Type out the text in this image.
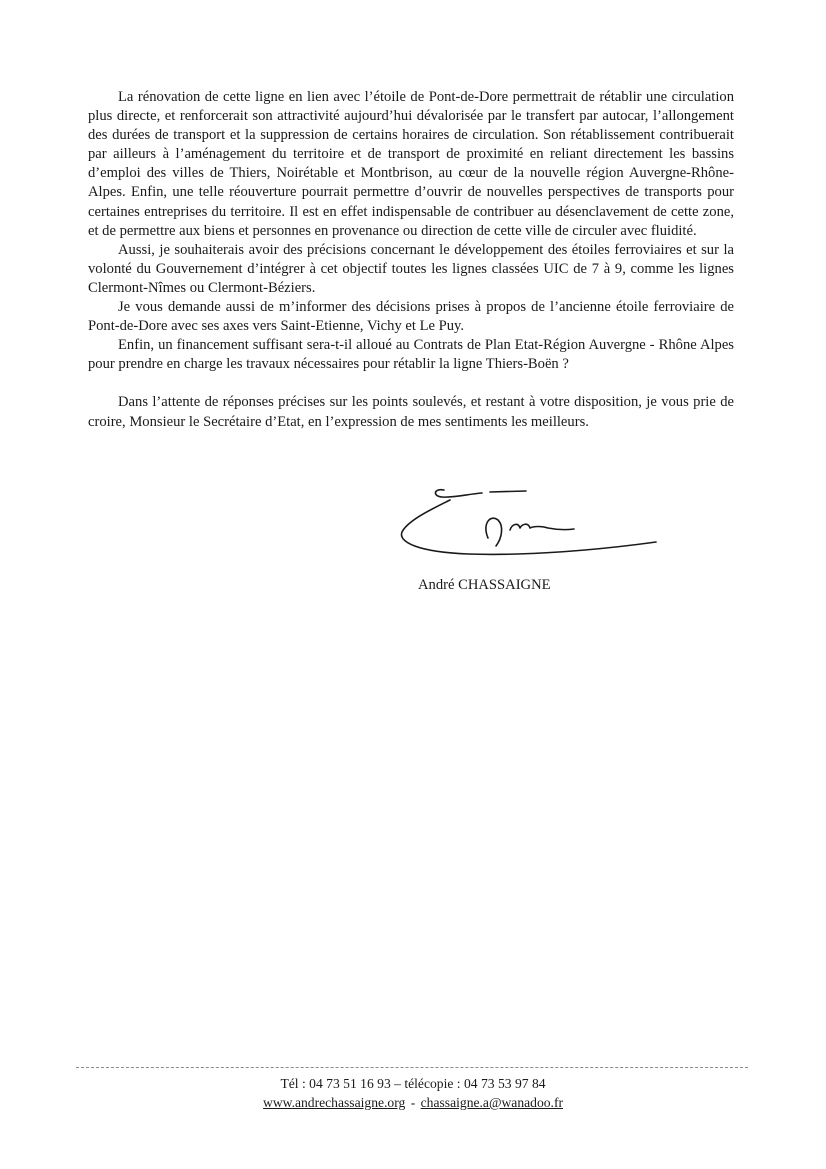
La rénovation de cette ligne en lien avec l’étoile de Pont-de-Dore permettrait de rétablir une circulation plus directe, et renforcerait son attractivité aujourd’hui dévalorisée par le transfert par autocar, l’allongement des durées de transport et la suppression de certains horaires de circulation. Son rétablissement contribuerait par ailleurs à l’aménagement du territoire et de transport de proximité en reliant directement les bassins d’emploi des villes de Thiers, Noirétable et Montbrison, au cœur de la nouvelle région Auvergne-Rhône-Alpes. Enfin, une telle réouverture pourrait permettre d’ouvrir de nouvelles perspectives de transports pour certaines entreprises du territoire. Il est en effet indispensable de contribuer au désenclavement de cette zone, et de permettre aux biens et personnes en provenance ou direction de cette ville de circuler avec fluidité.

Aussi, je souhaiterais avoir des précisions concernant le développement des étoiles ferroviaires et sur la volonté du Gouvernement d’intégrer à cet objectif toutes les lignes classées UIC de 7 à 9, comme les lignes Clermont-Nîmes ou Clermont-Béziers.

Je vous demande aussi de m’informer des décisions prises à propos de l’ancienne étoile ferroviaire de Pont-de-Dore avec ses axes vers Saint-Etienne, Vichy et Le Puy.

Enfin, un financement suffisant sera-t-il alloué au Contrats de Plan Etat-Région Auvergne - Rhône Alpes pour prendre en charge les travaux nécessaires pour rétablir la ligne Thiers-Boën ?

Dans l’attente de réponses précises sur les points soulevés, et restant à votre disposition, je vous prie de croire, Monsieur le Secrétaire d’Etat, en l’expression de mes sentiments les meilleurs.

André CHASSAIGNE
Tél : 04 73 51 16 93 – télécopie : 04 73 53 97 84
www.andrechassaigne.org - chassaigne.a@wanadoo.fr
